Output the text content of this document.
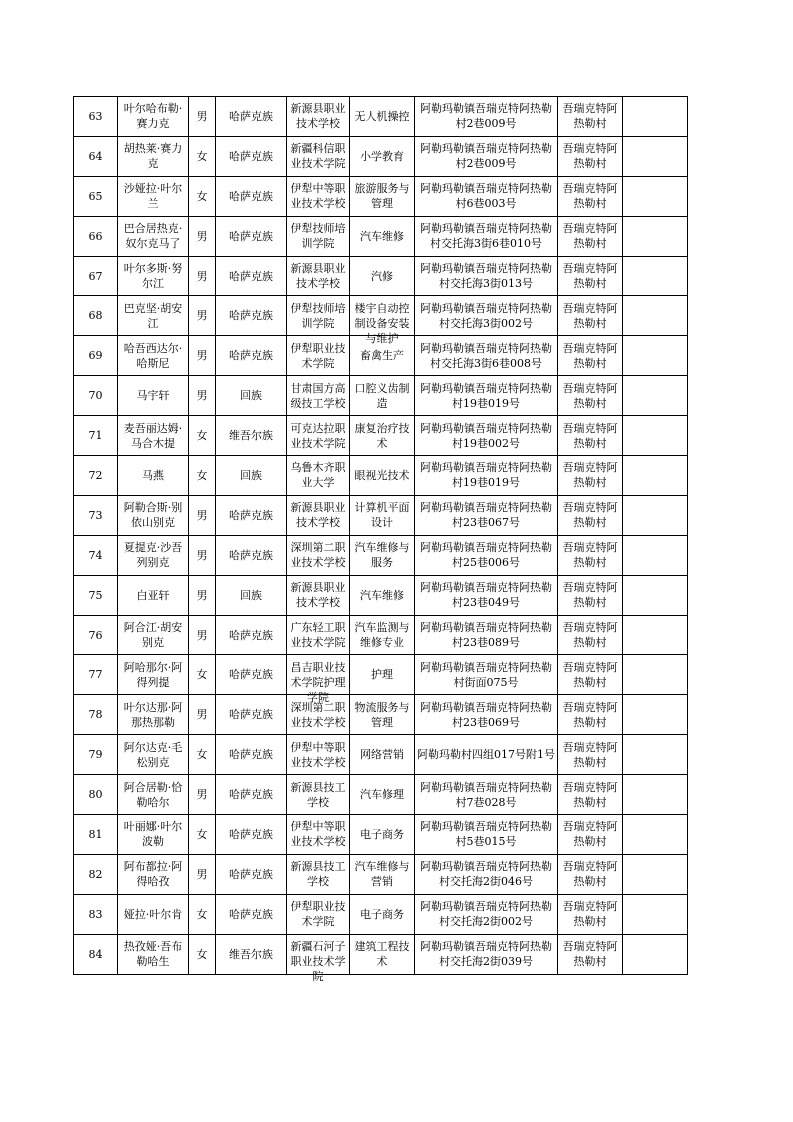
63	叶尔哈布勒·赛力克	男	哈萨克族	新源县职业技术学校	无人机操控	阿勒玛勒镇吾瑞克特阿热勒村2巷009号	吾瑞克特阿热勒村	

64	胡热莱·赛力克	女	哈萨克族	新疆科信职业技术学院	小学教育	阿勒玛勒镇吾瑞克特阿热勒村2巷009号	吾瑞克特阿热勒村	

65	沙娅拉·叶尔兰	女	哈萨克族	伊犁中等职业技术学校	旅游服务与管理	阿勒玛勒镇吾瑞克特阿热勒村6巷003号	吾瑞克特阿热勒村	

66	巴合居热克·奴尔克马了	男	哈萨克族	伊犁技师培训学院	汽车维修	阿勒玛勒镇吾瑞克特阿热勒村交托海3街6巷010号	吾瑞克特阿热勒村	

67	叶尔多斯·努尔江	男	哈萨克族	新源县职业技术学校	汽修	阿勒玛勒镇吾瑞克特阿热勒村交托海3街013号	吾瑞克特阿热勒村	

68	巴克坚·胡安江	男	哈萨克族	伊犁技师培训学院	楼宇自动控制设备安装与维护	阿勒玛勒镇吾瑞克特阿热勒村交托海3街002号	吾瑞克特阿热勒村	

69	哈吾西达尔·哈斯尼	男	哈萨克族	伊犁职业技术学院	畜禽生产	阿勒玛勒镇吾瑞克特阿热勒村交托海3街6巷008号	吾瑞克特阿热勒村	

70	马宇轩	男	回族	甘肃国方高级技工学校	口腔义齿制造	阿勒玛勒镇吾瑞克特阿热勒村19巷019号	吾瑞克特阿热勒村	

71	麦吾丽达姆·马合木提	女	维吾尔族	可克达拉职业技术学院	康复治疗技术	阿勒玛勒镇吾瑞克特阿热勒村19巷002号	吾瑞克特阿热勒村	

72	马燕	女	回族	乌鲁木齐职业大学	眼视光技术	阿勒玛勒镇吾瑞克特阿热勒村19巷019号	吾瑞克特阿热勒村	

73	阿勒合斯·别依山别克	男	哈萨克族	新源县职业技术学校	计算机平面设计	阿勒玛勒镇吾瑞克特阿热勒村23巷067号	吾瑞克特阿热勒村	

74	夏提克·沙吾列别克	男	哈萨克族	深圳第二职业技术学校	汽车维修与服务	阿勒玛勒镇吾瑞克特阿热勒村25巷006号	吾瑞克特阿热勒村	

75	白亚轩	男	回族	新源县职业技术学校	汽车维修	阿勒玛勒镇吾瑞克特阿热勒村23巷049号	吾瑞克特阿热勒村	

76	阿合江·胡安别克	男	哈萨克族	广东轻工职业技术学院	汽车监测与维修专业	阿勒玛勒镇吾瑞克特阿热勒村23巷089号	吾瑞克特阿热勒村	

77	阿哈那尔·阿得列提	女	哈萨克族	昌吉职业技术学院护理学院	护理	阿勒玛勒镇吾瑞克特阿热勒村街面075号	吾瑞克特阿热勒村	

78	叶尔达那·阿那热那勒	男	哈萨克族	深圳第二职业技术学校	物流服务与管理	阿勒玛勒镇吾瑞克特阿热勒村23巷069号	吾瑞克特阿热勒村	

79	阿尔达克·毛松别克	女	哈萨克族	伊犁中等职业技术学校	网络营销	阿勒玛勒村四组017号附1号	吾瑞克特阿热勒村	

80	阿合居勒·恰勒哈尔	男	哈萨克族	新源县技工学校	汽车修理	阿勒玛勒镇吾瑞克特阿热勒村7巷028号	吾瑞克特阿热勒村	

81	叶丽娜·叶尔波勒	女	哈萨克族	伊犁中等职业技术学校	电子商务	阿勒玛勒镇吾瑞克特阿热勒村5巷015号	吾瑞克特阿热勒村	

82	阿布都拉·阿得哈孜	男	哈萨克族	新源县技工学校	汽车维修与营销	阿勒玛勒镇吾瑞克特阿热勒村交托海2街046号	吾瑞克特阿热勒村	

83	娅拉·叶尔肯	女	哈萨克族	伊犁职业技术学院	电子商务	阿勒玛勒镇吾瑞克特阿热勒村交托海2街002号	吾瑞克特阿热勒村	

84	热孜娅·吾布勒哈生	女	维吾尔族	新疆石河子职业技术学院	建筑工程技术	阿勒玛勒镇吾瑞克特阿热勒村交托海2街039号	吾瑞克特阿热勒村	
